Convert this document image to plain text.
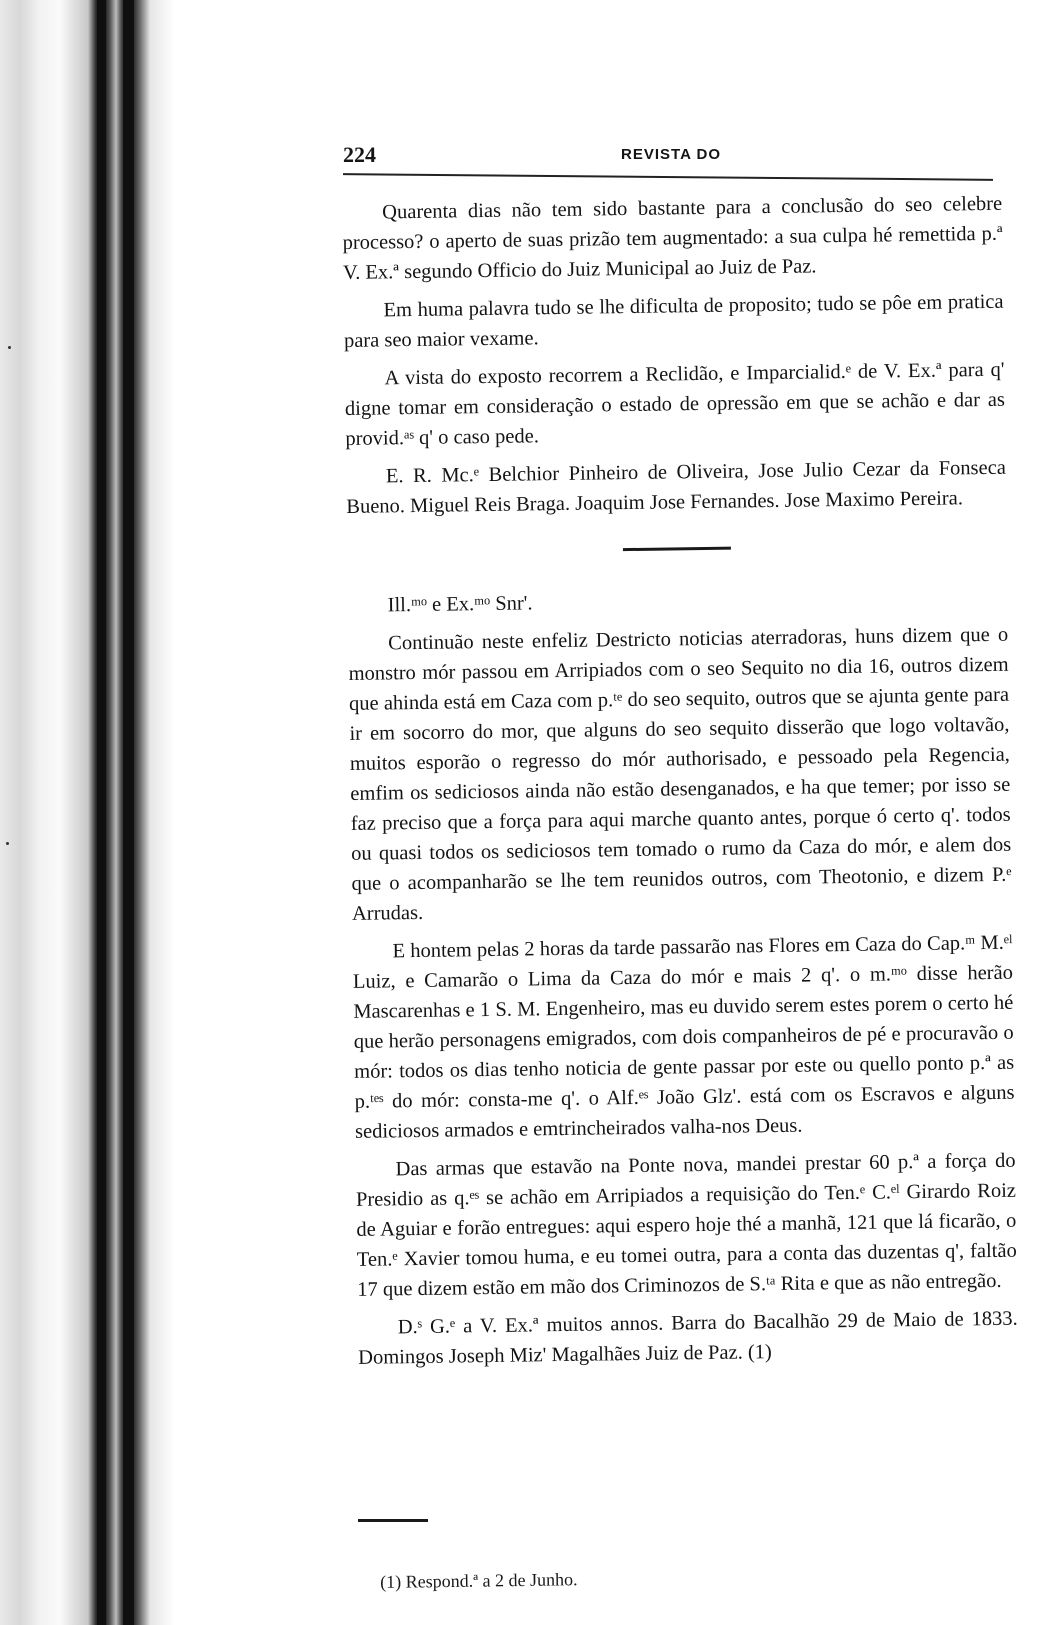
224	REVISTA DO

Quarenta dias não tem sido bastante para a conclusão do seo celebre processo? o aperto de suas prizão tem augmentado: a sua culpa hé remettida p.ª V. Ex.ª segundo Officio do Juiz Municipal ao Juiz de Paz.

Em huma palavra tudo se lhe dificulta de proposito; tudo se pôe em pratica para seo maior vexame.

A vista do exposto recorrem a Reclidão, e Imparcialid.ᵉ de V. Ex.ª para q' digne tomar em consideração o estado de opressão em que se achão e dar as provid.ᵃˢ q' o caso pede.

E. R. Mc.ᵉ Belchior Pinheiro de Oliveira, Jose Julio Cezar da Fonseca Bueno. Miguel Reis Braga. Joaquim Jose Fernandes. Jose Maximo Pereira.

Ill.ᵐᵒ e Ex.ᵐᵒ Snr'.

Continuão neste enfeliz Destricto noticias aterradoras, huns dizem que o monstro mór passou em Arripiados com o seo Sequito no dia 16, outros dizem que ahinda está em Caza com p.ᵗᵉ do seo sequito, outros que se ajunta gente para ir em socorro do mor, que alguns do seo sequito disserão que logo voltavão, muitos esporão o regresso do mór authorisado, e pessoado pela Regencia, emfim os sediciosos ainda não estão desenganados, e ha que temer; por isso se faz preciso que a força para aqui marche quanto antes, porque ó certo q'. todos ou quasi todos os sediciosos tem tomado o rumo da Caza do mór, e alem dos que o acompanharão se lhe tem reunidos outros, com Theotonio, e dizem P.ᵉ Arrudas.

E hontem pelas 2 horas da tarde passarão nas Flores em Caza do Cap.ᵐ M.ᵉˡ Luiz, e Camarão o Lima da Caza do mór e mais 2 q'. o m.ᵐᵒ disse herão Mascarenhas e 1 S. M. Engenheiro, mas eu duvido serem estes porem o certo hé que herão personagens emigrados, com dois companheiros de pé e procuravão o mór: todos os dias tenho noticia de gente passar por este ou quello ponto p.ª as p.ᵗᵉˢ do mór: consta-me q'. o Alf.ᵉˢ João Glz'. está com os Escravos e alguns sediciosos armados e emtrincheirados valha-nos Deus.

Das armas que estavão na Ponte nova, mandei prestar 60 p.ª a força do Presidio as q.ᵉˢ se achão em Arripiados a requisição do Ten.ᵉ C.ᵉˡ Girardo Roiz de Aguiar e forão entregues: aqui espero hoje thé a manhã, 121 que lá ficarão, o Ten.ᵉ Xavier tomou huma, e eu tomei outra, para a conta das duzentas q', faltão 17 que dizem estão em mão dos Criminozos de S.ᵗᵃ Rita e que as não entregão.

D.ˢ G.ᵉ a V. Ex.ª muitos annos. Barra do Bacalhão 29 de Maio de 1833. Domingos Joseph Miz' Magalhães Juiz de Paz. (1)

(1) Respond.ª a 2 de Junho.
